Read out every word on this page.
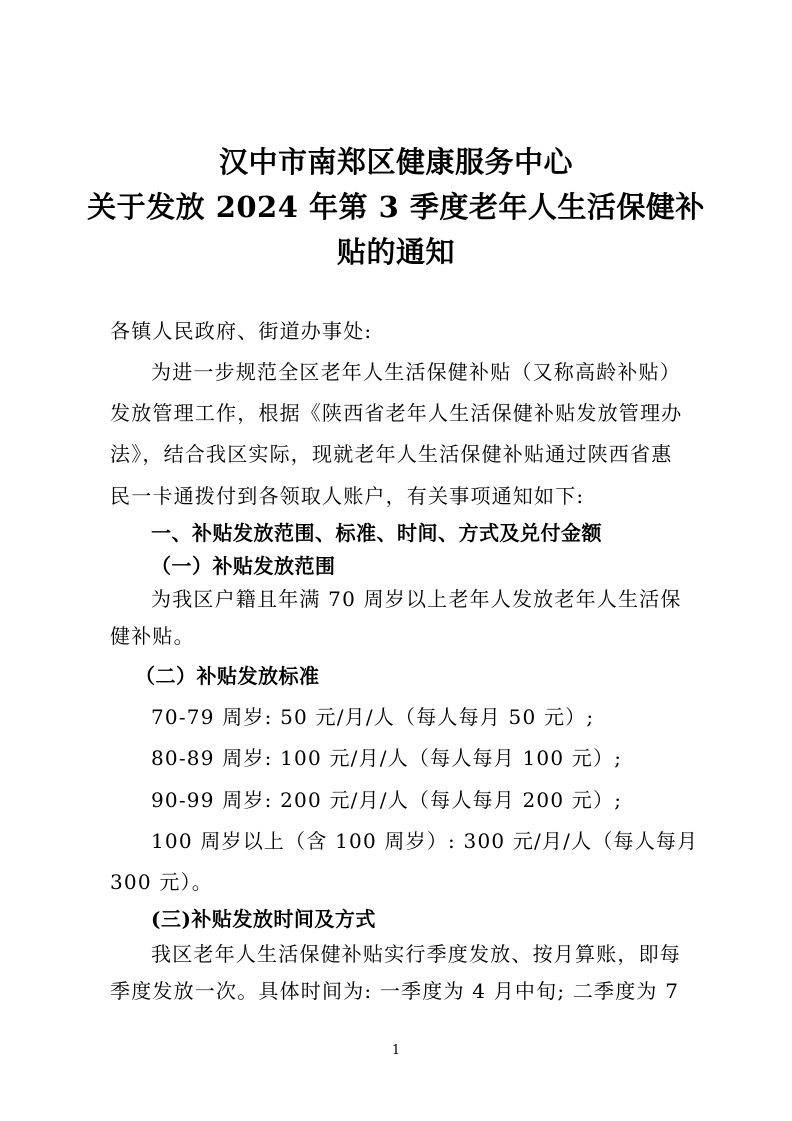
汉中市南郑区健康服务中心
关于发放 2024 年第 3 季度老年人生活保健补
贴的通知
各镇人民政府、街道办事处:
为进一步规范全区老年人生活保健补贴（又称高龄补贴）
发放管理工作，根据《陕西省老年人生活保健补贴发放管理办
法》，结合我区实际，现就老年人生活保健补贴通过陕西省惠
民一卡通拨付到各领取人账户，有关事项通知如下:
一、补贴发放范围、标准、时间、方式及兑付金额
（一）补贴发放范围
为我区户籍且年满 70 周岁以上老年人发放老年人生活保
健补贴。
（二）补贴发放标准
70-79 周岁: 50 元/月/人（每人每月 50 元）;
80-89 周岁: 100 元/月/人（每人每月 100 元）;
90-99 周岁: 200 元/月/人（每人每月 200 元）;
100 周岁以上（含 100 周岁）: 300 元/月/人（每人每月
300 元）。
(三)补贴发放时间及方式
我区老年人生活保健补贴实行季度发放、按月算账，即每
季度发放一次。具体时间为: 一季度为 4 月中旬; 二季度为 7
1
